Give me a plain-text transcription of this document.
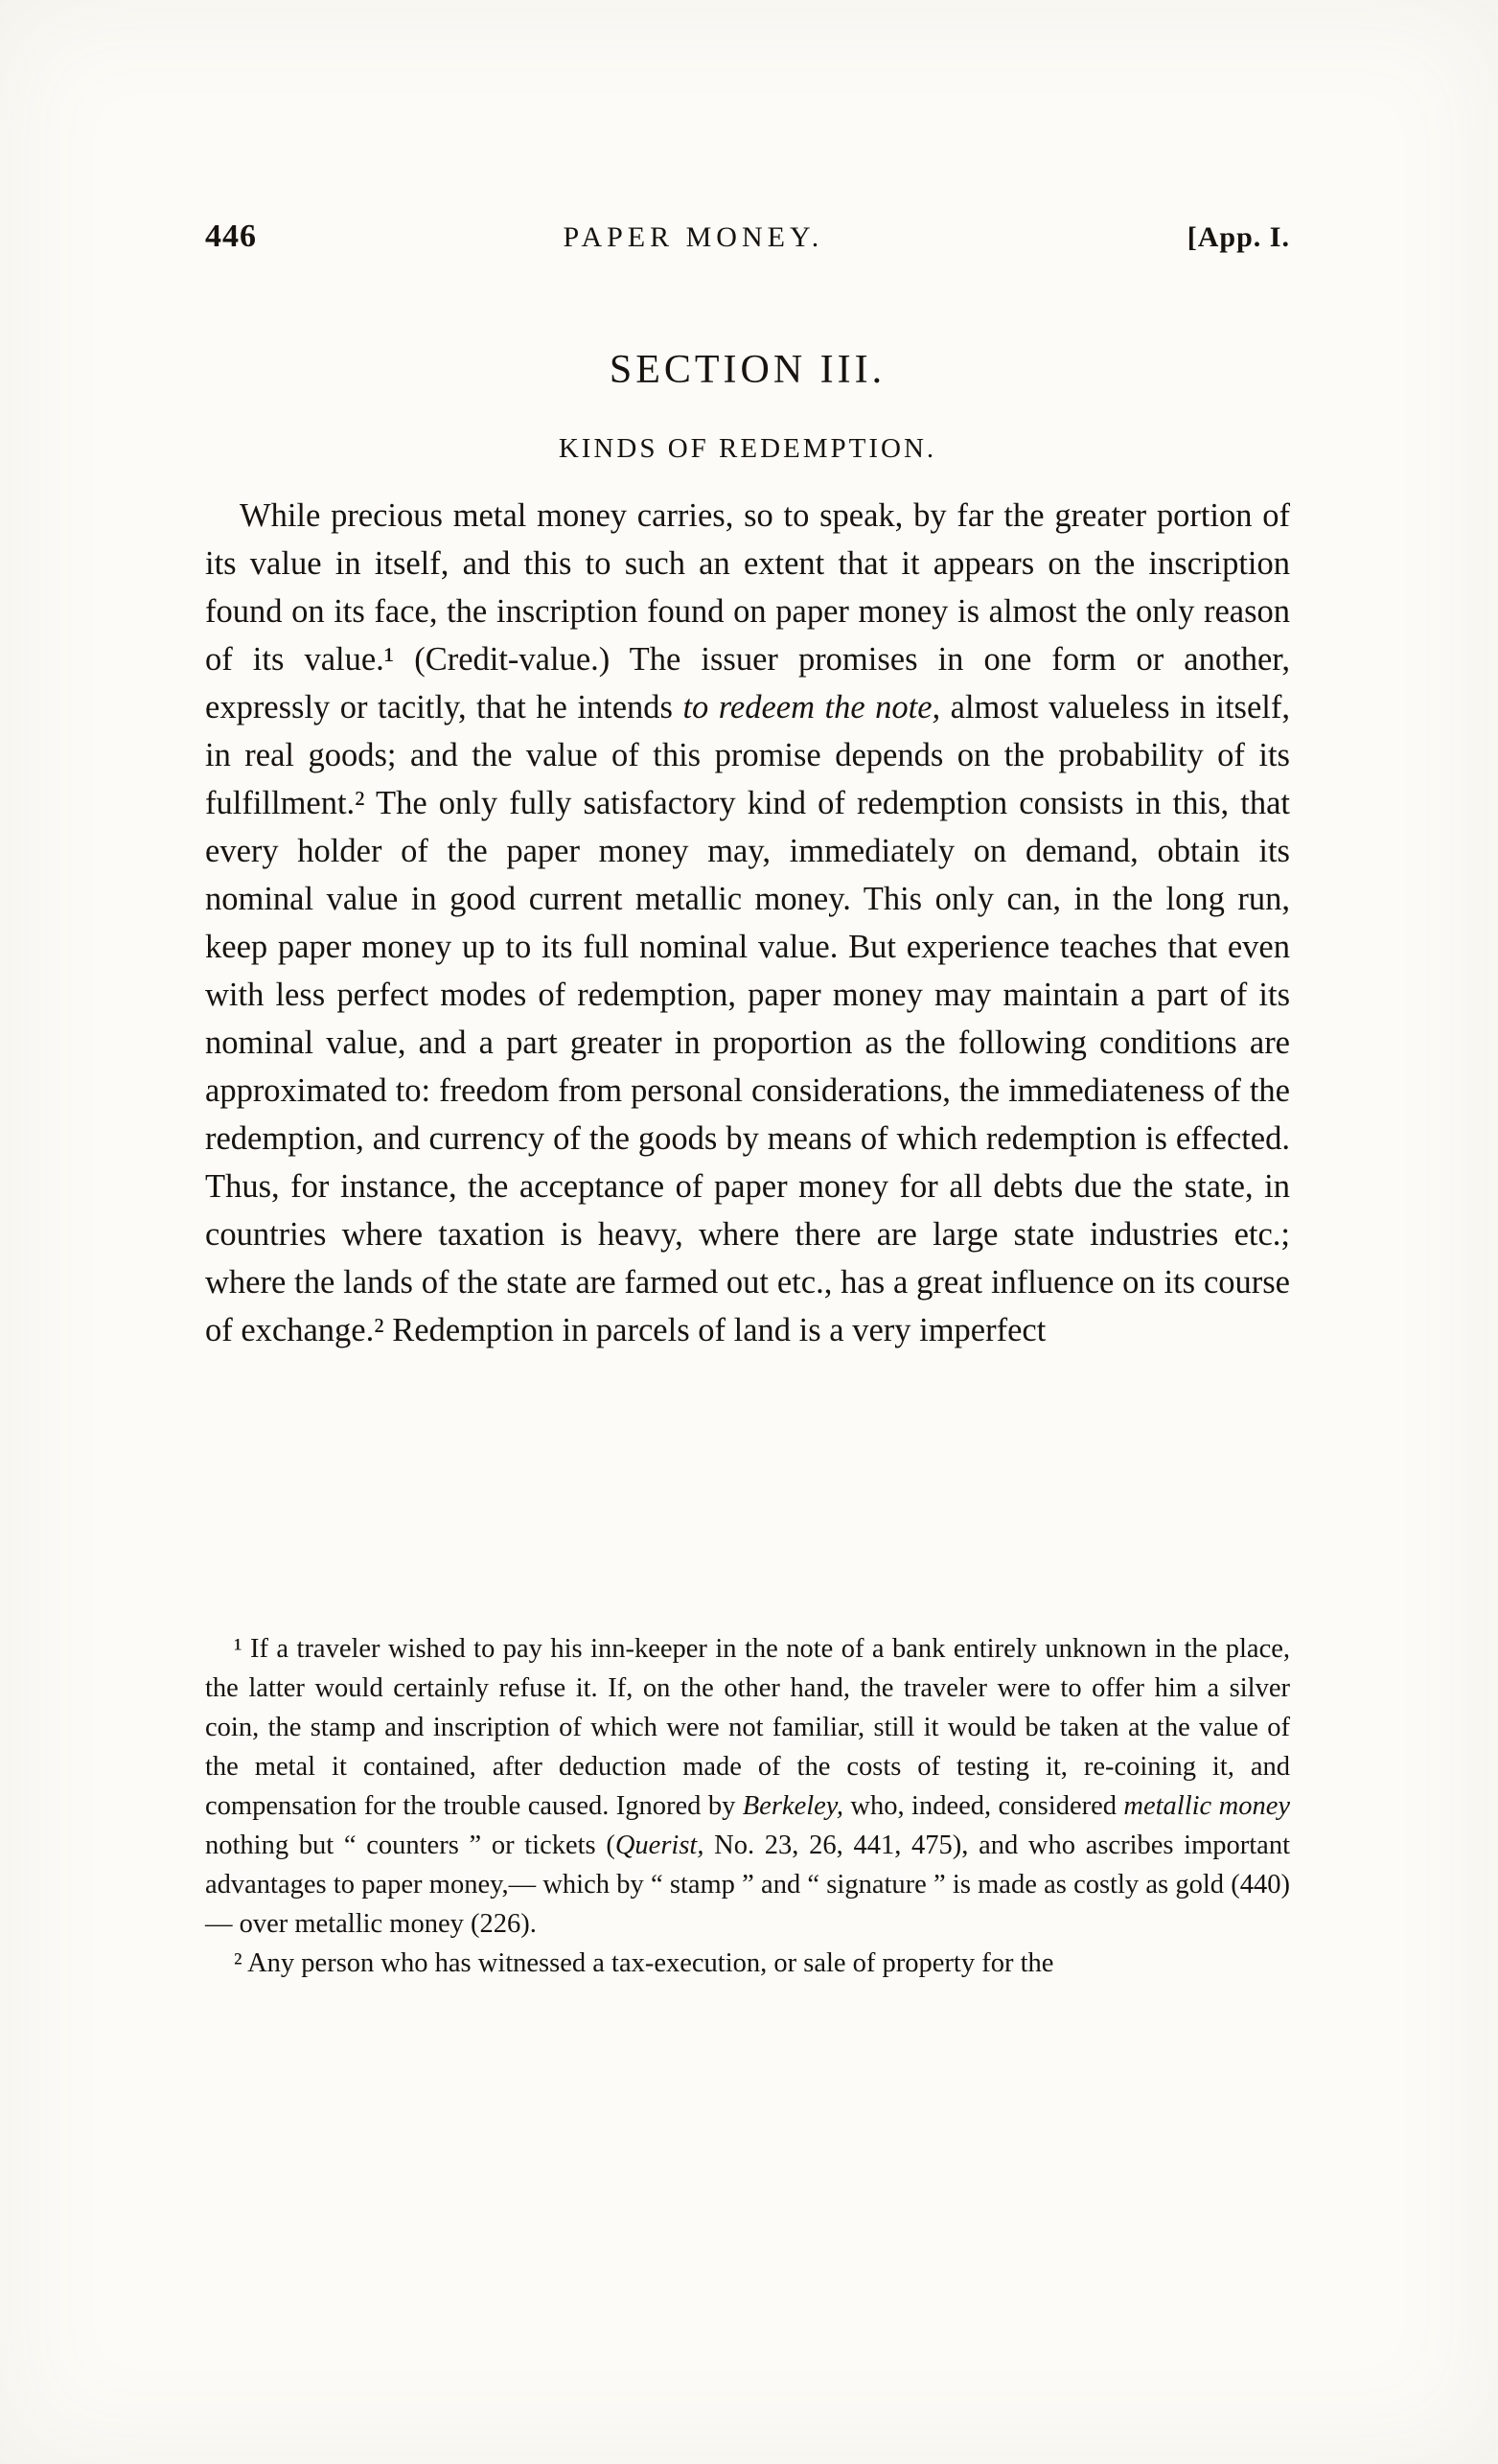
446	PAPER MONEY.	[App. I.
SECTION III.
KINDS OF REDEMPTION.

While precious metal money carries, so to speak, by far the greater portion of its value in itself, and this to such an extent that it appears on the inscription found on its face, the inscription found on paper money is almost the only reason of its value.¹ (Credit-value.) The issuer promises in one form or another, expressly or tacitly, that he intends to redeem the note, almost valueless in itself, in real goods; and the value of this promise depends on the probability of its fulfillment.² The only fully satisfactory kind of redemption consists in this, that every holder of the paper money may, immediately on demand, obtain its nominal value in good current metallic money. This only can, in the long run, keep paper money up to its full nominal value. But experience teaches that even with less perfect modes of redemption, paper money may maintain a part of its nominal value, and a part greater in proportion as the following conditions are approximated to: freedom from personal considerations, the immediateness of the redemption, and currency of the goods by means of which redemption is effected. Thus, for instance, the acceptance of paper money for all debts due the state, in countries where taxation is heavy, where there are large state industries etc.; where the lands of the state are farmed out etc., has a great influence on its course of exchange.² Redemption in parcels of land is a very imperfect

¹ If a traveler wished to pay his inn-keeper in the note of a bank entirely unknown in the place, the latter would certainly refuse it. If, on the other hand, the traveler were to offer him a silver coin, the stamp and inscription of which were not familiar, still it would be taken at the value of the metal it contained, after deduction made of the costs of testing it, re-coining it, and compensation for the trouble caused. Ignored by Berkeley, who, indeed, considered metallic money nothing but “ counters ” or tickets (Querist, No. 23, 26, 441, 475), and who ascribes important advantages to paper money,— which by “ stamp ” and “ signature ” is made as costly as gold (440)— over metallic money (226).

² Any person who has witnessed a tax-execution, or sale of property for the
